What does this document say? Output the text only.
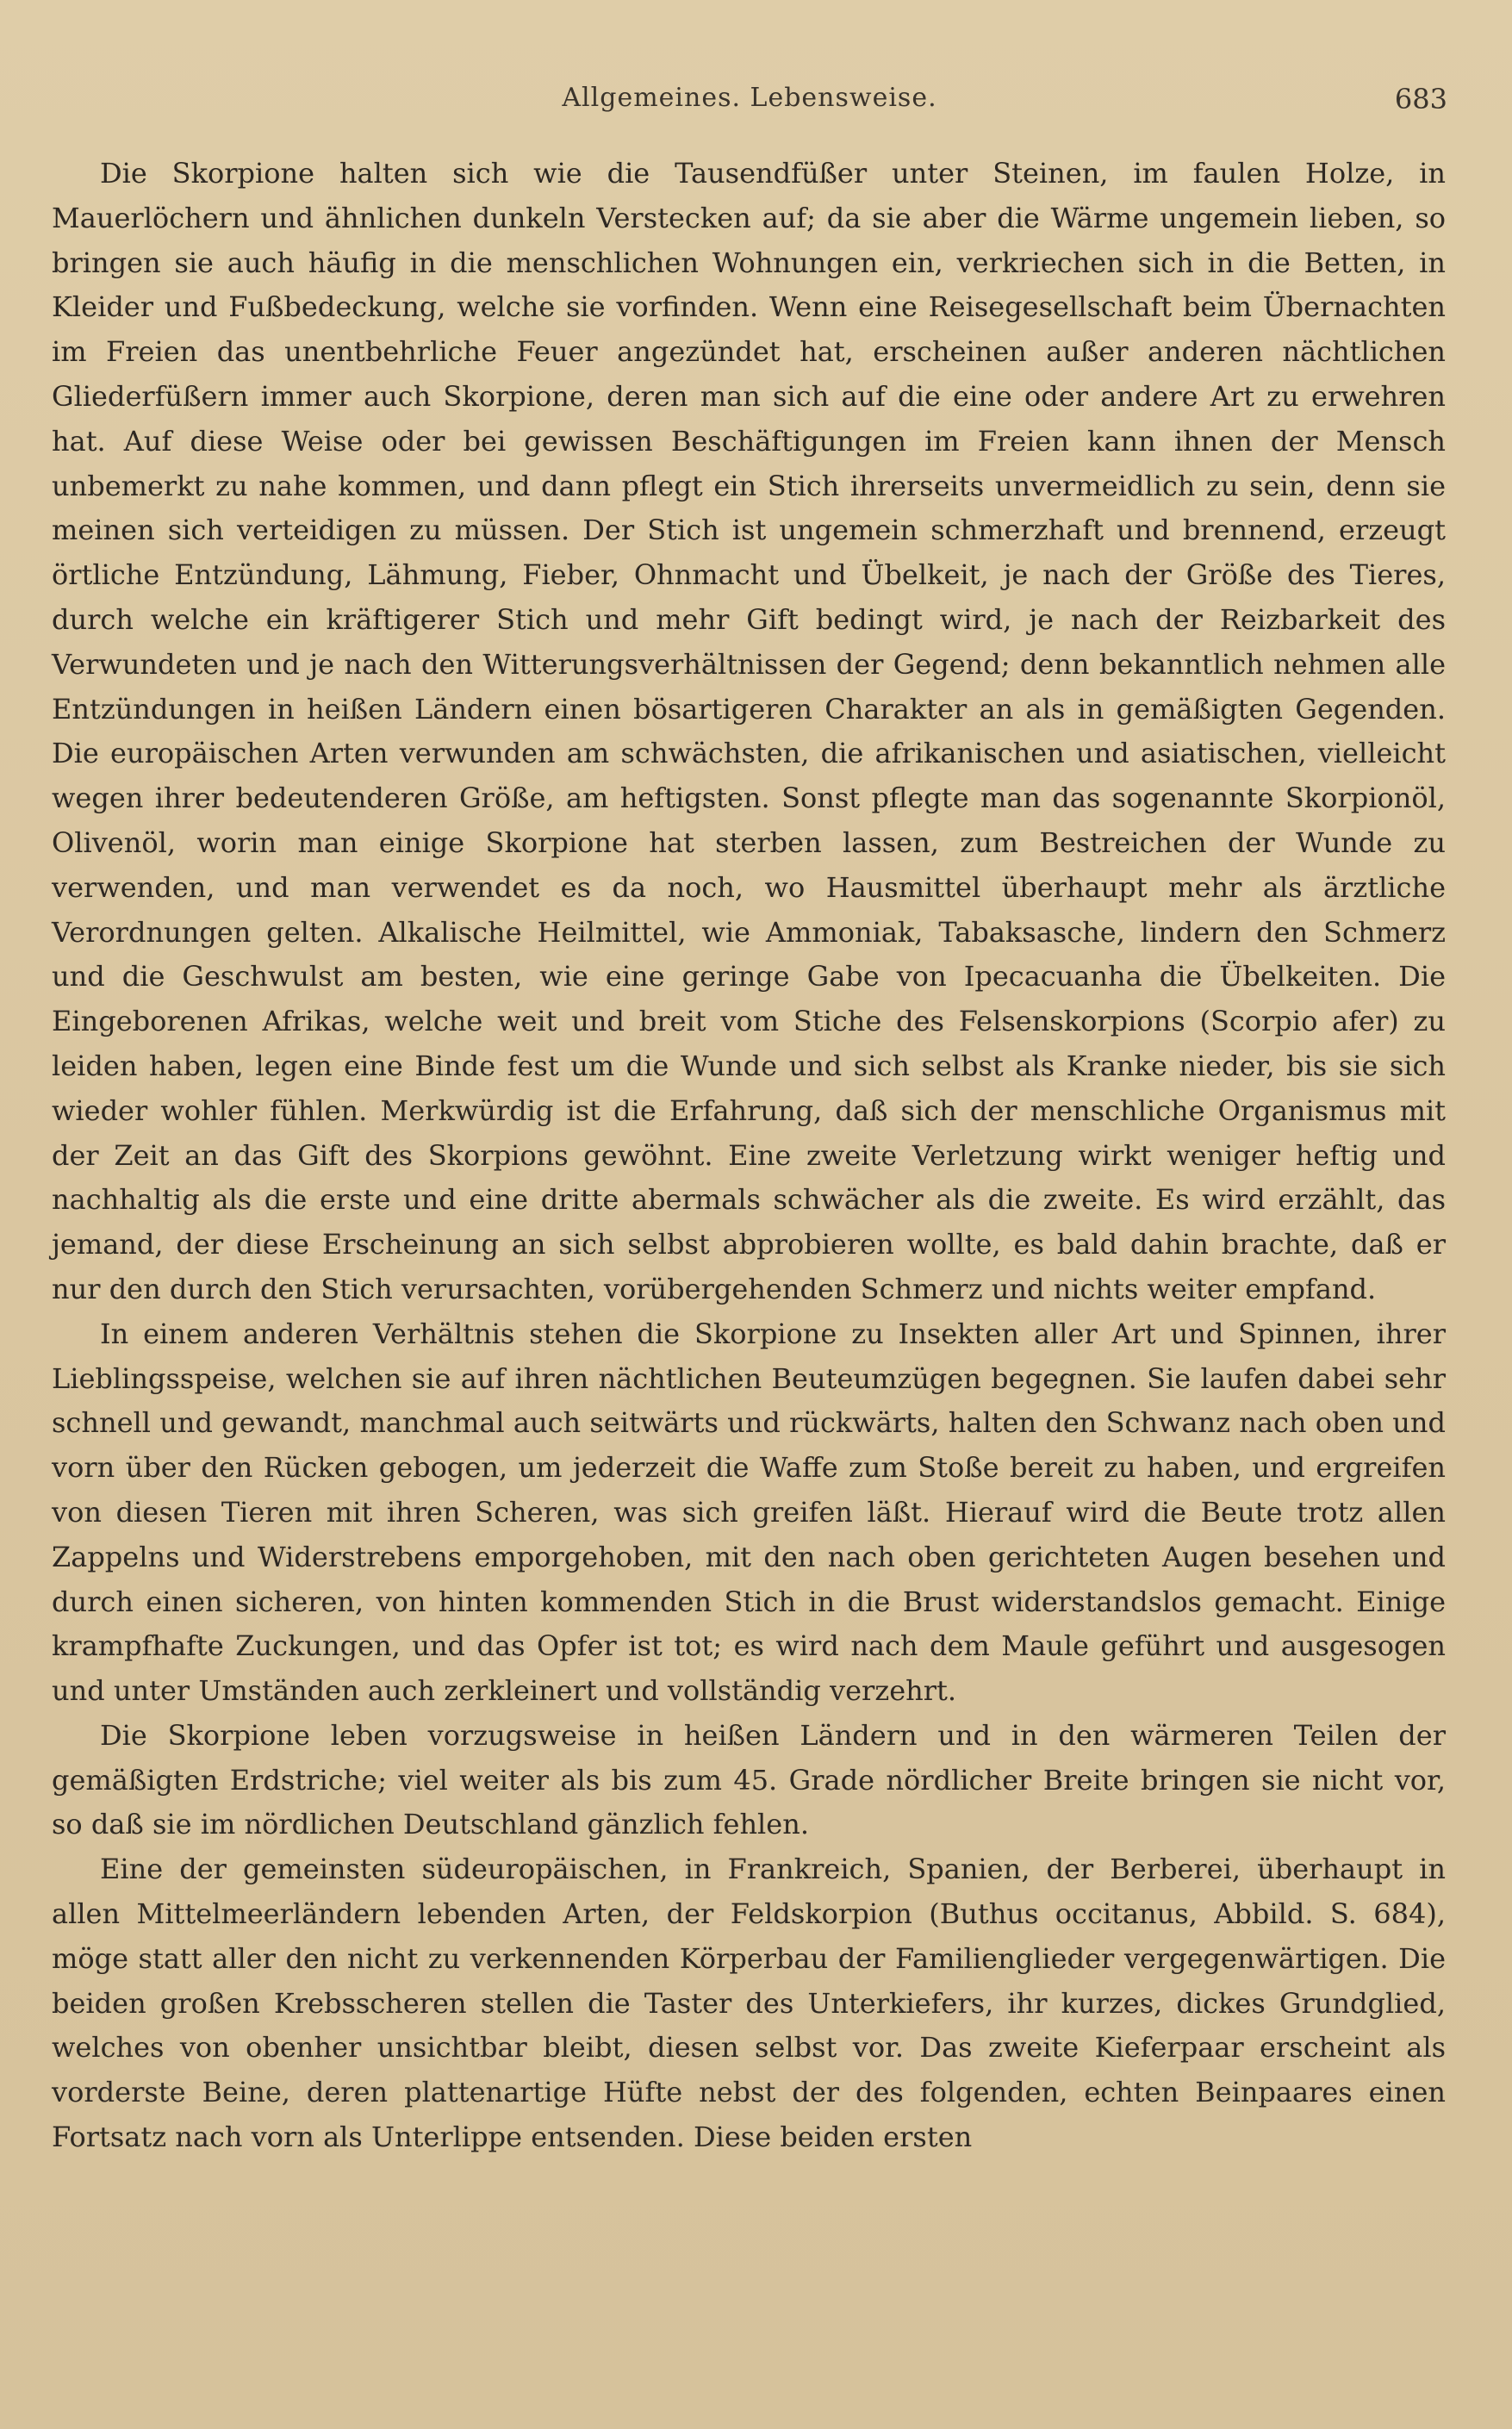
Allgemeines. Lebensweise.	683

Die Skorpione halten sich wie die Tausendfüßer unter Steinen, im faulen Holze, in Mauerlöchern und ähnlichen dunkeln Verstecken auf; da sie aber die Wärme ungemein lieben, so bringen sie auch häufig in die menschlichen Wohnungen ein, verkriechen sich in die Betten, in Kleider und Fußbedeckung, welche sie vorfinden. Wenn eine Reisegesellschaft beim Übernachten im Freien das unentbehrliche Feuer angezündet hat, erscheinen außer anderen nächtlichen Gliederfüßern immer auch Skorpione, deren man sich auf die eine oder andere Art zu erwehren hat. Auf diese Weise oder bei gewissen Beschäftigungen im Freien kann ihnen der Mensch unbemerkt zu nahe kommen, und dann pflegt ein Stich ihrerseits unvermeidlich zu sein, denn sie meinen sich verteidigen zu müssen. Der Stich ist ungemein schmerzhaft und brennend, erzeugt örtliche Entzündung, Lähmung, Fieber, Ohnmacht und Übelkeit, je nach der Größe des Tieres, durch welche ein kräftigerer Stich und mehr Gift bedingt wird, je nach der Reizbarkeit des Verwundeten und je nach den Witterungsverhältnissen der Gegend; denn bekanntlich nehmen alle Entzündungen in heißen Ländern einen bösartigeren Charakter an als in gemäßigten Gegenden. Die europäischen Arten verwunden am schwächsten, die afrikanischen und asiatischen, vielleicht wegen ihrer bedeutenderen Größe, am heftigsten. Sonst pflegte man das sogenannte Skorpionöl, Olivenöl, worin man einige Skorpione hat sterben lassen, zum Bestreichen der Wunde zu verwenden, und man verwendet es da noch, wo Hausmittel überhaupt mehr als ärztliche Verordnungen gelten. Alkalische Heilmittel, wie Ammoniak, Tabaksasche, lindern den Schmerz und die Geschwulst am besten, wie eine geringe Gabe von Ipecacuanha die Übelkeiten. Die Eingeborenen Afrikas, welche weit und breit vom Stiche des Felsenskorpions (Scorpio afer) zu leiden haben, legen eine Binde fest um die Wunde und sich selbst als Kranke nieder, bis sie sich wieder wohler fühlen. Merkwürdig ist die Erfahrung, daß sich der menschliche Organismus mit der Zeit an das Gift des Skorpions gewöhnt. Eine zweite Verletzung wirkt weniger heftig und nachhaltig als die erste und eine dritte abermals schwächer als die zweite. Es wird erzählt, das jemand, der diese Erscheinung an sich selbst abprobieren wollte, es bald dahin brachte, daß er nur den durch den Stich verursachten, vorübergehenden Schmerz und nichts weiter empfand.

In einem anderen Verhältnis stehen die Skorpione zu Insekten aller Art und Spinnen, ihrer Lieblingsspeise, welchen sie auf ihren nächtlichen Beuteumzügen begegnen. Sie laufen dabei sehr schnell und gewandt, manchmal auch seitwärts und rückwärts, halten den Schwanz nach oben und vorn über den Rücken gebogen, um jederzeit die Waffe zum Stoße bereit zu haben, und ergreifen von diesen Tieren mit ihren Scheren, was sich greifen läßt. Hierauf wird die Beute trotz allen Zappelns und Widerstrebens emporgehoben, mit den nach oben gerichteten Augen besehen und durch einen sicheren, von hinten kommenden Stich in die Brust widerstandslos gemacht. Einige krampfhafte Zuckungen, und das Opfer ist tot; es wird nach dem Maule geführt und ausgesogen und unter Umständen auch zerkleinert und vollständig verzehrt.

Die Skorpione leben vorzugsweise in heißen Ländern und in den wärmeren Teilen der gemäßigten Erdstriche; viel weiter als bis zum 45. Grade nördlicher Breite bringen sie nicht vor, so daß sie im nördlichen Deutschland gänzlich fehlen.

Eine der gemeinsten südeuropäischen, in Frankreich, Spanien, der Berberei, überhaupt in allen Mittelmeerländern lebenden Arten, der Feldskorpion (Buthus occitanus, Abbild. S. 684), möge statt aller den nicht zu verkennenden Körperbau der Familienglieder vergegenwärtigen. Die beiden großen Krebsscheren stellen die Taster des Unterkiefers, ihr kurzes, dickes Grundglied, welches von obenher unsichtbar bleibt, diesen selbst vor. Das zweite Kieferpaar erscheint als vorderste Beine, deren plattenartige Hüfte nebst der des folgenden, echten Beinpaares einen Fortsatz nach vorn als Unterlippe entsenden. Diese beiden ersten
